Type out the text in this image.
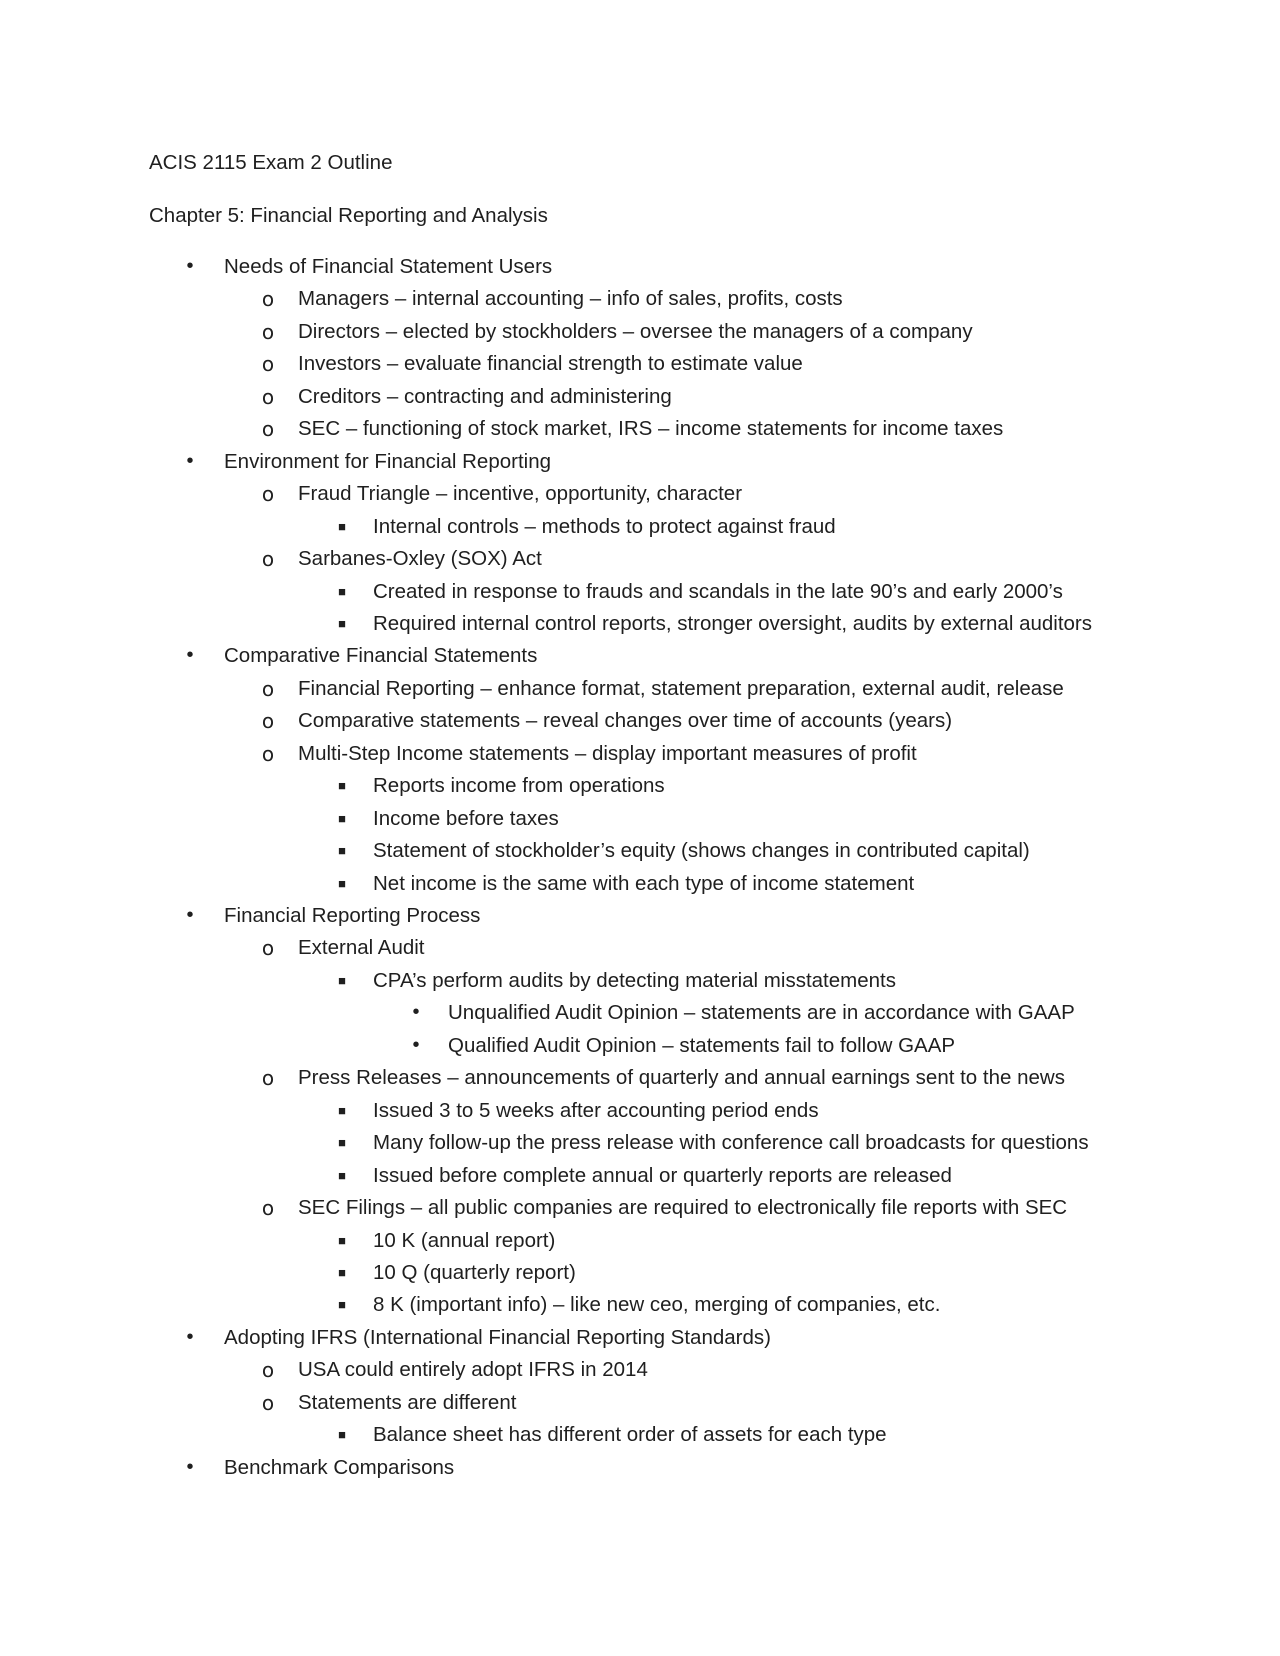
ACIS 2115 Exam 2 Outline
Chapter 5: Financial Reporting and Analysis
•	Needs of Financial Statement Users
o Managers – internal accounting – info of sales, profits, costs
o Directors – elected by stockholders – oversee the managers of a company
o Investors – evaluate financial strength to estimate value
o Creditors – contracting and administering
o SEC – functioning of stock market, IRS – income statements for income taxes
•	Environment for Financial Reporting
o Fraud Triangle – incentive, opportunity, character
■ Internal controls – methods to protect against fraud
o Sarbanes-Oxley (SOX) Act
■ Created in response to frauds and scandals in the late 90’s and early 2000’s
■ Required internal control reports, stronger oversight, audits by external auditors
•	Comparative Financial Statements
o Financial Reporting – enhance format, statement preparation, external audit, release
o Comparative statements – reveal changes over time of accounts (years)
o Multi-Step Income statements – display important measures of profit
■ Reports income from operations
■ Income before taxes
■ Statement of stockholder’s equity (shows changes in contributed capital)
■ Net income is the same with each type of income statement
•	Financial Reporting Process
o External Audit
■ CPA’s perform audits by detecting material misstatements
•	Unqualified Audit Opinion – statements are in accordance with GAAP
•	Qualified Audit Opinion – statements fail to follow GAAP
o Press Releases – announcements of quarterly and annual earnings sent to the news
■ Issued 3 to 5 weeks after accounting period ends
■ Many follow-up the press release with conference call broadcasts for questions
■ Issued before complete annual or quarterly reports are released
o SEC Filings – all public companies are required to electronically file reports with SEC
■ 10 K (annual report)
■ 10 Q (quarterly report)
■ 8 K (important info) – like new ceo, merging of companies, etc.
•	Adopting IFRS (International Financial Reporting Standards)
o USA could entirely adopt IFRS in 2014
o Statements are different
■ Balance sheet has different order of assets for each type
•	Benchmark Comparisons
